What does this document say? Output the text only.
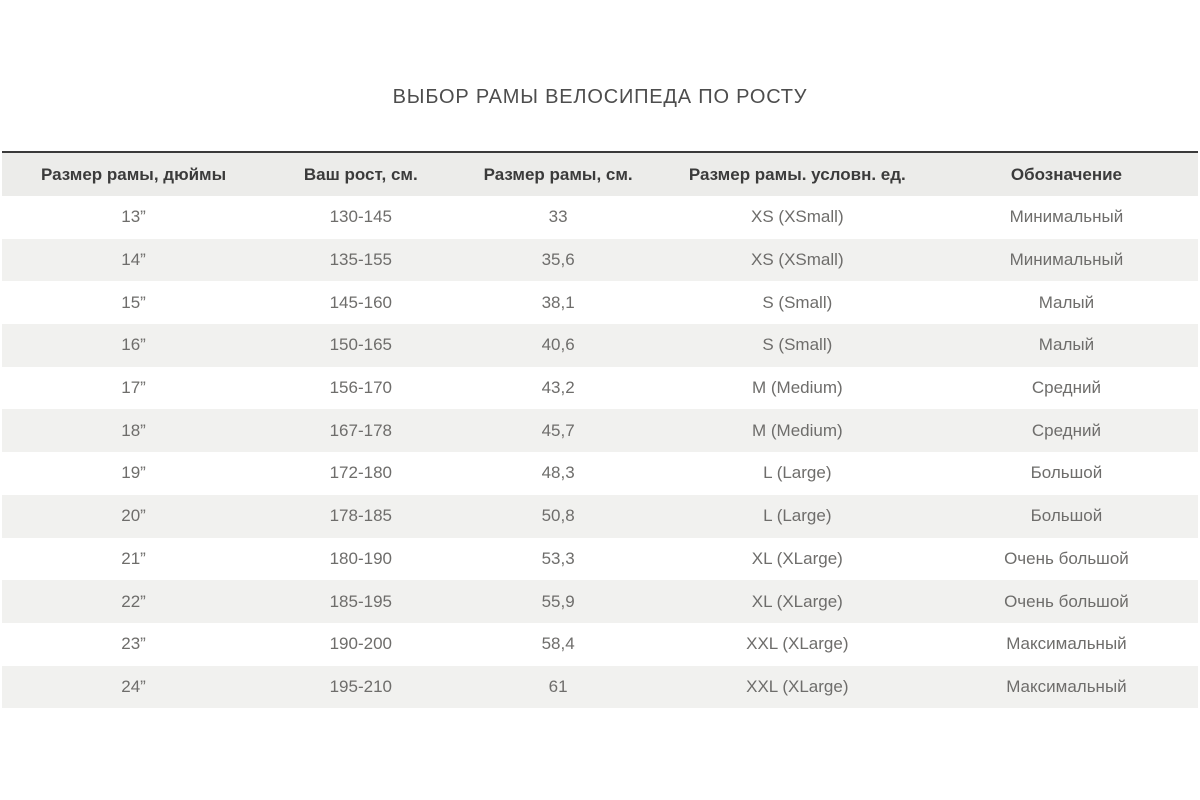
ВЫБОР РАМЫ ВЕЛОСИПЕДА ПО РОСТУ
Размер рамы, дюймы	Ваш рост, см.	Размер рамы, см.	Размер рамы. условн. ед.	Обозначение
13”	130-145	33	XS (XSmall)	Минимальный
14”	135-155	35,6	XS (XSmall)	Минимальный
15”	145-160	38,1	S (Small)	Малый
16”	150-165	40,6	S (Small)	Малый
17”	156-170	43,2	M (Medium)	Средний
18”	167-178	45,7	M (Medium)	Средний
19”	172-180	48,3	L (Large)	Большой
20”	178-185	50,8	L (Large)	Большой
21”	180-190	53,3	XL (XLarge)	Очень большой
22”	185-195	55,9	XL (XLarge)	Очень большой
23”	190-200	58,4	XXL (XLarge)	Максимальный
24”	195-210	61	XXL (XLarge)	Максимальный
